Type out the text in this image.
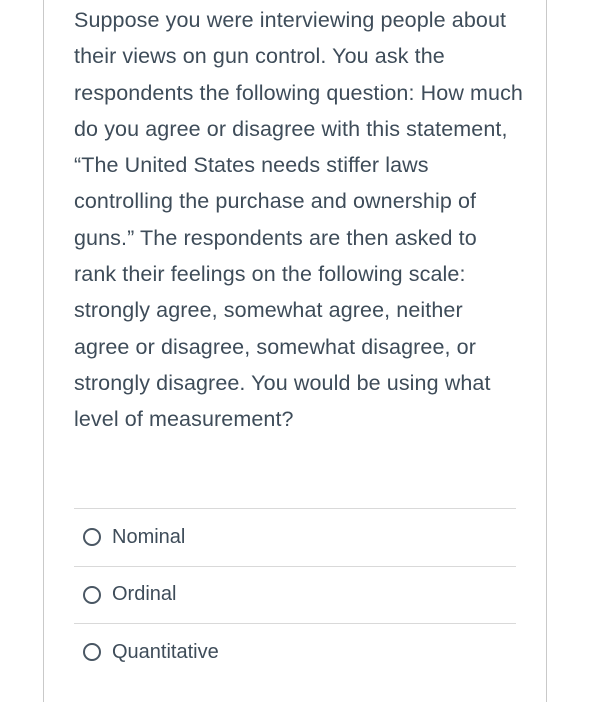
Suppose you were interviewing people about their views on gun control. You ask the respondents the following question: How much do you agree or disagree with this statement, “The United States needs stiffer laws controlling the purchase and ownership of guns.” The respondents are then asked to rank their feelings on the following scale: strongly agree, somewhat agree, neither agree or disagree, somewhat disagree, or strongly disagree. You would be using what level of measurement?

Nominal
Ordinal
Quantitative
